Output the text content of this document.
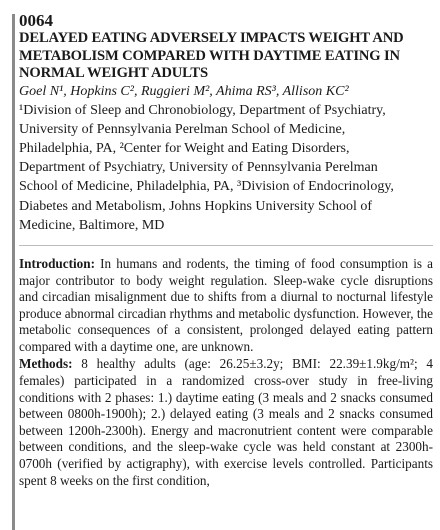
0064

DELAYED EATING ADVERSELY IMPACTS WEIGHT AND

METABOLISM COMPARED WITH DAYTIME EATING IN

NORMAL WEIGHT ADULTS

Goel N¹, Hopkins C², Ruggieri M², Ahima RS³, Allison KC²

¹Division of Sleep and Chronobiology, Department of Psychiatry,

University of Pennsylvania Perelman School of Medicine,

Philadelphia, PA, ²Center for Weight and Eating Disorders,

Department of Psychiatry, University of Pennsylvania Perelman

School of Medicine, Philadelphia, PA, ³Division of Endocrinology,

Diabetes and Metabolism, Johns Hopkins University School of

Medicine, Baltimore, MD

Introduction: In humans and rodents, the timing of food consumption is a major contributor to body weight regulation. Sleep-wake cycle disruptions and circadian misalignment due to shifts from a diurnal to nocturnal lifestyle produce abnormal circadian rhythms and metabolic dysfunction. However, the metabolic consequences of a consistent, prolonged delayed eating pattern compared with a daytime one, are unknown.

Methods: 8 healthy adults (age: 26.25±3.2y; BMI: 22.39±1.9kg/m²; 4 females) participated in a randomized cross-over study in free-living conditions with 2 phases: 1.) daytime eating (3 meals and 2 snacks consumed between 0800h-1900h); 2.) delayed eating (3 meals and 2 snacks consumed between 1200h-2300h). Energy and macronutrient content were comparable between conditions, and the sleep-wake cycle was held constant at 2300h-0700h (verified by actigraphy), with exercise levels controlled. Participants spent 8 weeks on the first condition,
